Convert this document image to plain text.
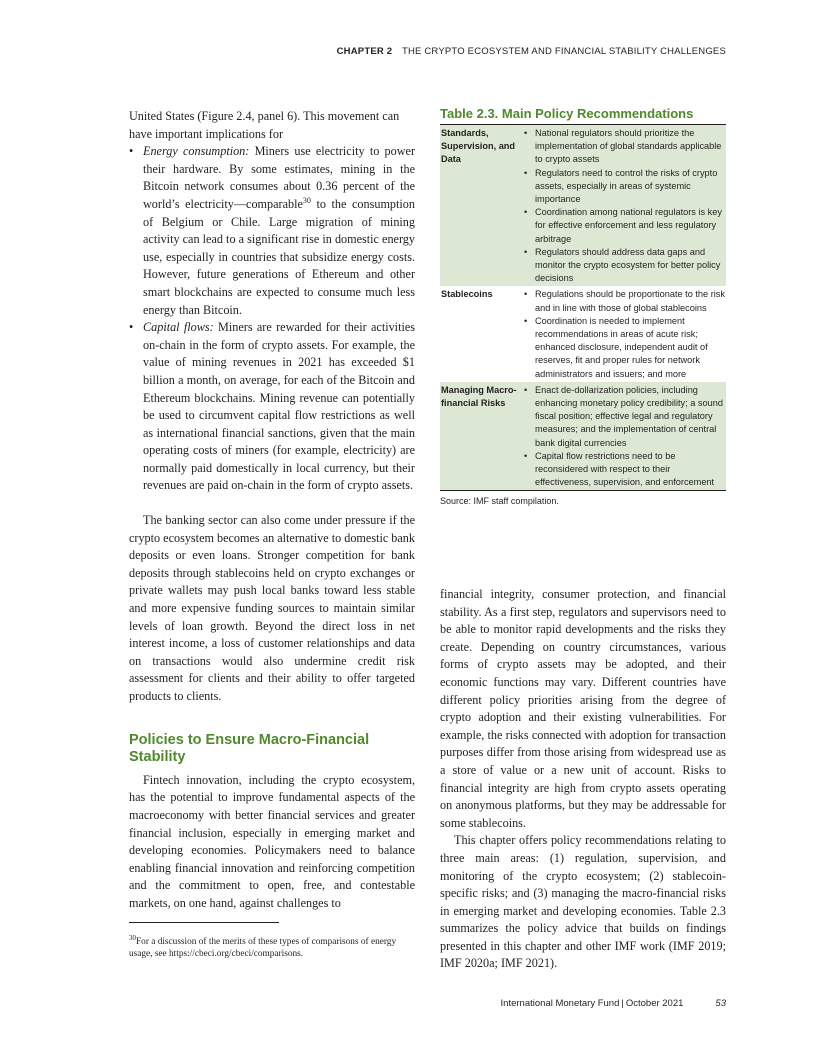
CHAPTER 2 THE CRYPTO ECOSYSTEM AND FINANCIAL STABILITY CHALLENGES

United States (Figure 2.4, panel 6). This movement can have important implications for

• Energy consumption: Miners use electricity to power their hardware. By some estimates, mining in the Bitcoin network consumes about 0.36 percent of the world’s electricity—comparable$^{30}$ to the consumption of Belgium or Chile. Large migration of mining activity can lead to a significant rise in domestic energy use, especially in countries that subsidize energy costs. However, future generations of Ethereum and other smart blockchains are expected to consume much less energy than Bitcoin.
• Capital flows: Miners are rewarded for their activities on-chain in the form of crypto assets. For example, the value of mining revenues in 2021 has exceeded $1 billion a month, on average, for each of the Bitcoin and Ethereum blockchains. Mining revenue can potentially be used to circumvent capital flow restrictions as well as international financial sanctions, given that the main operating costs of miners (for example, electricity) are normally paid domestically in local currency, but their revenues are paid on-chain in the form of crypto assets.

The banking sector can also come under pressure if the crypto ecosystem becomes an alternative to domestic bank deposits or even loans. Stronger competition for bank deposits through stablecoins held on crypto exchanges or private wallets may push local banks toward less stable and more expensive funding sources to maintain similar levels of loan growth. Beyond the direct loss in net interest income, a loss of customer relationships and data on transactions would also undermine credit risk assessment for clients and their ability to offer targeted products to clients.

Policies to Ensure Macro-Financial Stability

Fintech innovation, including the crypto ecosystem, has the potential to improve fundamental aspects of the macroeconomy with better financial services and greater financial inclusion, especially in emerging market and developing economies. Policymakers need to balance enabling financial innovation and reinforcing competition and the commitment to open, free, and contestable markets, on one hand, against challenges to

Table 2.3. Main Policy Recommendations
Standards, Supervision, and Data
• National regulators should prioritize the implementation of global standards applicable to crypto assets
• Regulators need to control the risks of crypto assets, especially in areas of systemic importance
• Coordination among national regulators is key for effective enforcement and less regulatory arbitrage
• Regulators should address data gaps and monitor the crypto ecosystem for better policy decisions
Stablecoins
•	Regulations should be proportionate to the risk and in line with those of global stablecoins
• Coordination is needed to implement recommendations in areas of acute risk; enhanced disclosure, independent audit of reserves, fit and proper rules for network administrators and issuers; and more
Managing Macro-financial Risks
• Enact de-dollarization policies, including enhancing monetary policy credibility; a sound fiscal position; effective legal and regulatory measures; and the implementation of central bank digital currencies
• Capital flow restrictions need to be reconsidered with respect to their effectiveness, supervision, and enforcement
Source: IMF staff compilation.

financial integrity, consumer protection, and financial stability. As a first step, regulators and supervisors need to be able to monitor rapid developments and the risks they create. Depending on country circumstances, various forms of crypto assets may be adopted, and their economic functions may vary. Different countries have different policy priorities arising from the degree of crypto adoption and their existing vulnerabilities. For example, the risks connected with adoption for transaction purposes differ from those arising from widespread use as a store of value or a new unit of account. Risks to financial integrity are high from crypto assets operating on anonymous platforms, but they may be addressable for some stablecoins.

This chapter offers policy recommendations relating to three main areas: (1) regulation, supervision, and monitoring of the crypto ecosystem; (2) stablecoin-specific risks; and (3) managing the macro-financial risks in emerging market and developing economies. Table 2.3 summarizes the policy advice that builds on findings presented in this chapter and other IMF work (IMF 2019; IMF 2020a; IMF 2021).

$^{30}$For a discussion of the merits of these types of comparisons of energy usage, see https://cbeci.org/cbeci/comparisons.
International Monetary Fund | October 2021	53
